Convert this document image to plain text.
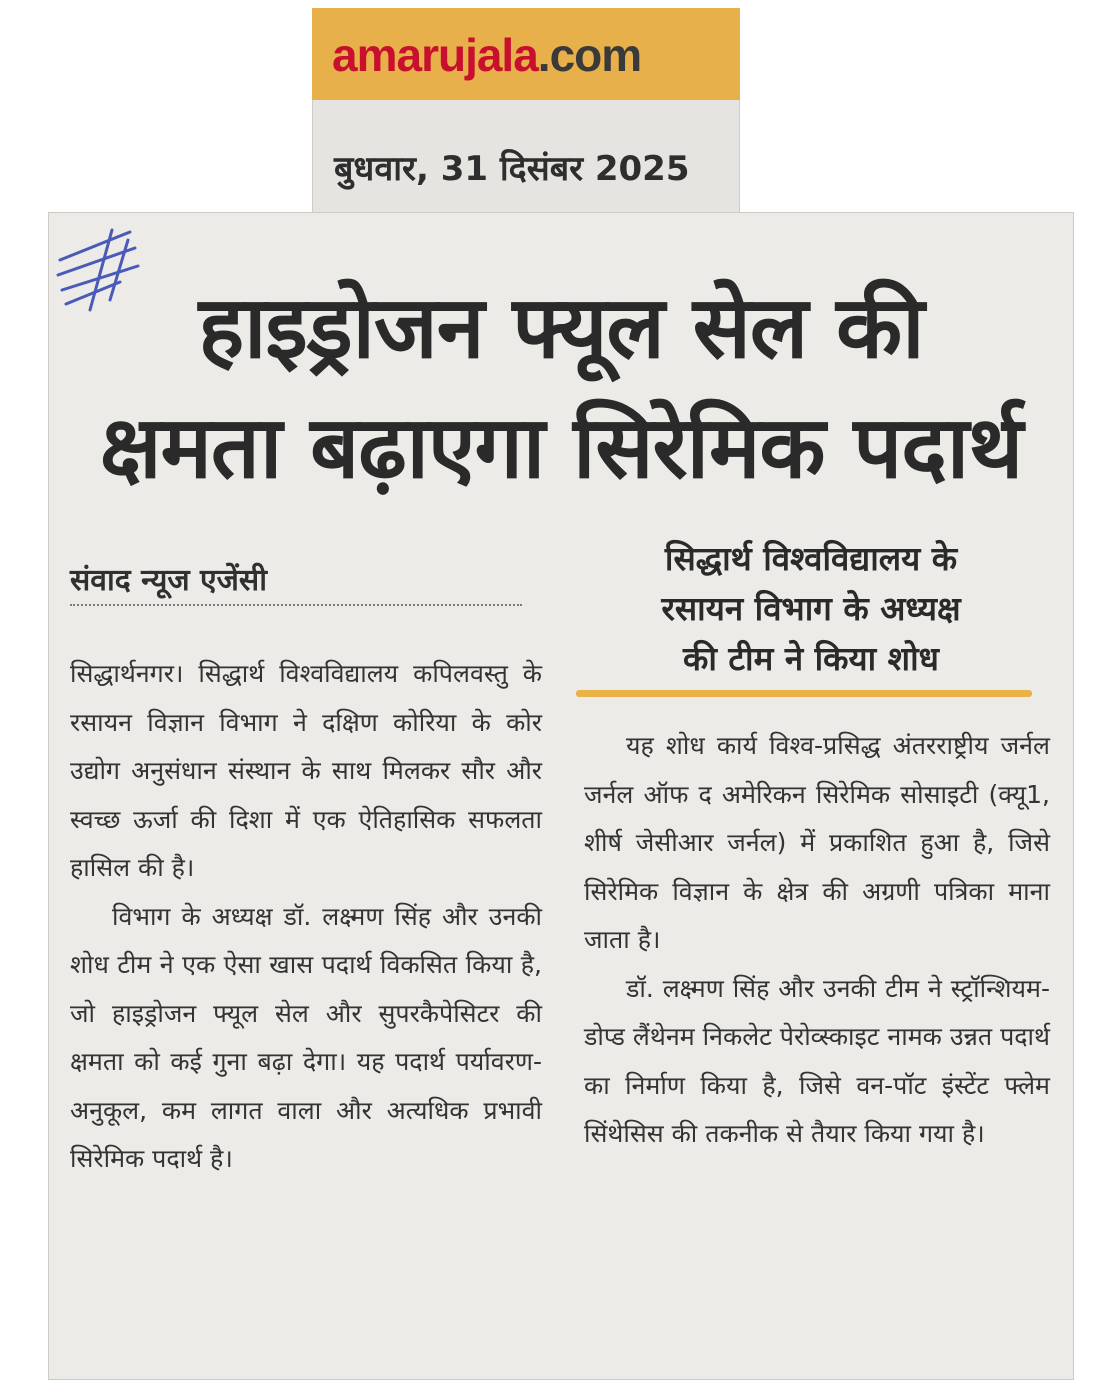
amarujala.com
बुधवार, 31 दिसंबर 2025
हाइड्रोजन फ्यूल सेल की
क्षमता बढ़ाएगा सिरेमिक पदार्थ
संवाद न्यूज एजेंसी
सिद्धार्थ विश्वविद्यालय के
रसायन विभाग के अध्यक्ष
की टीम ने किया शोध

सिद्धार्थनगर। सिद्धार्थ विश्वविद्यालय कपिलवस्तु के रसायन विज्ञान विभाग ने दक्षिण कोरिया के कोर उद्योग अनुसंधान संस्थान के साथ मिलकर सौर और स्वच्छ ऊर्जा की दिशा में एक ऐतिहासिक सफलता हासिल की है।

विभाग के अध्यक्ष डॉ. लक्ष्मण सिंह और उनकी शोध टीम ने एक ऐसा खास पदार्थ विकसित किया है, जो हाइड्रोजन फ्यूल सेल और सुपरकैपेसिटर की क्षमता को कई गुना बढ़ा देगा। यह पदार्थ पर्यावरण-अनुकूल, कम लागत वाला और अत्यधिक प्रभावी सिरेमिक पदार्थ है।

यह शोध कार्य विश्व-प्रसिद्ध अंतरराष्ट्रीय जर्नल जर्नल ऑफ द अमेरिकन सिरेमिक सोसाइटी (क्यू1, शीर्ष जेसीआर जर्नल) में प्रकाशित हुआ है, जिसे सिरेमिक विज्ञान के क्षेत्र की अग्रणी पत्रिका माना जाता है।

डॉ. लक्ष्मण सिंह और उनकी टीम ने स्ट्रॉन्शियम-डोप्ड लैंथेनम निकलेट पेरोव्स्काइट नामक उन्नत पदार्थ का निर्माण किया है, जिसे वन-पॉट इंस्टेंट फ्लेम सिंथेसिस की तकनीक से तैयार किया गया है।
